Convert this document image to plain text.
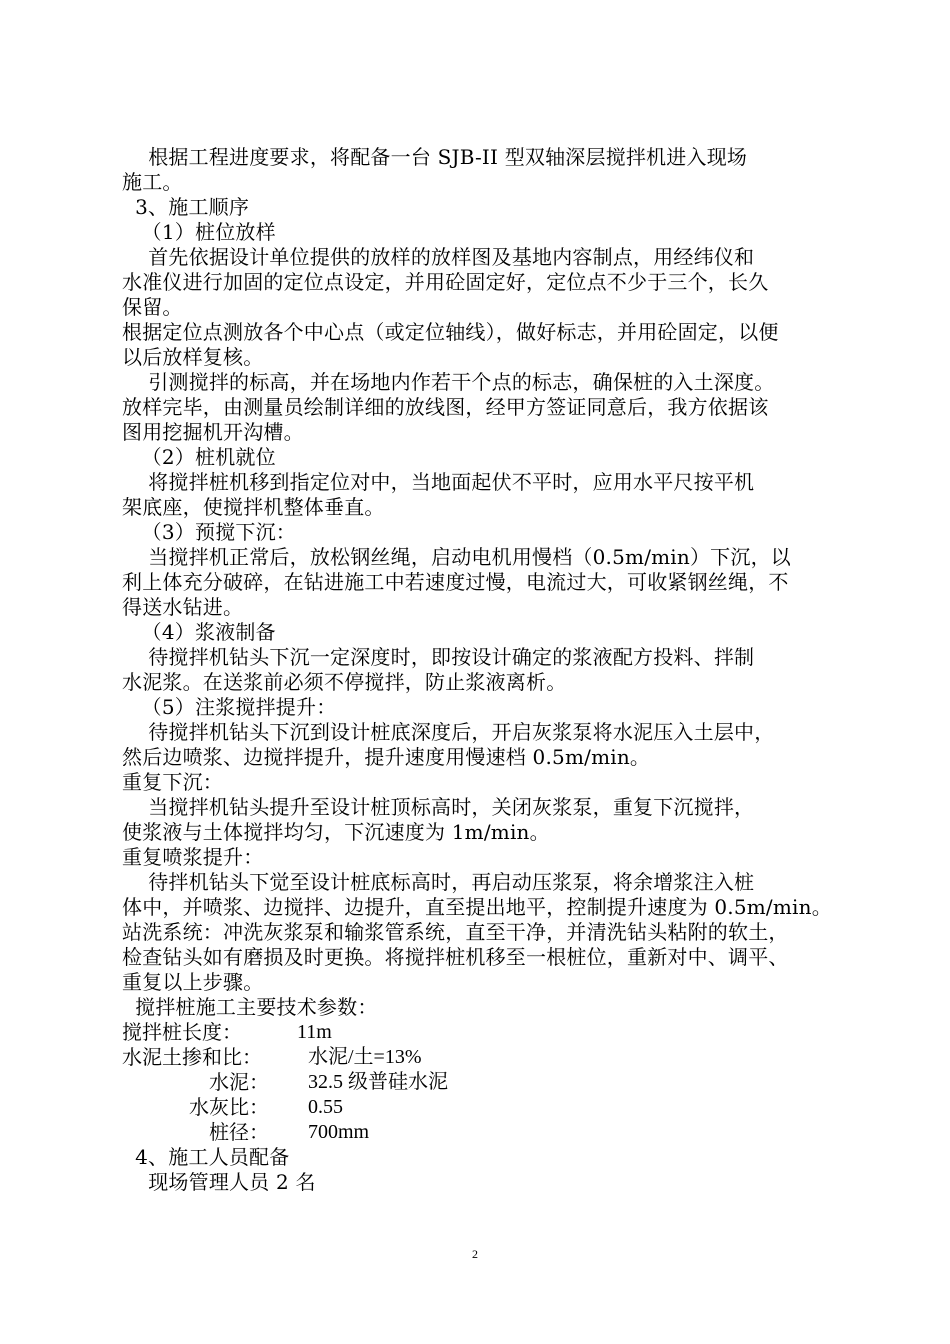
根据工程进度要求，将配备一台 SJB-II 型双轴深层搅拌机进入现场
施工。
3、施工顺序
（1）桩位放样
首先依据设计单位提供的放样的放样图及基地内容制点，用经纬仪和
水准仪进行加固的定位点设定，并用砼固定好，定位点不少于三个，长久
保留。
根据定位点测放各个中心点（或定位轴线），做好标志，并用砼固定，以便
以后放样复核。
引测搅拌的标高，并在场地内作若干个点的标志，确保桩的入土深度。
放样完毕，由测量员绘制详细的放线图，经甲方签证同意后，我方依据该
图用挖掘机开沟槽。
（2）桩机就位
将搅拌桩机移到指定位对中，当地面起伏不平时，应用水平尺按平机
架底座，使搅拌机整体垂直。
（3）预搅下沉：
当搅拌机正常后，放松钢丝绳，启动电机用慢档（0.5m/min）下沉，以
利上体充分破碎，在钻进施工中若速度过慢，电流过大，可收紧钢丝绳，不
得送水钻进。
（4）浆液制备
待搅拌机钻头下沉一定深度时，即按设计确定的浆液配方投料、拌制
水泥浆。在送浆前必须不停搅拌，防止浆液离析。
（5）注浆搅拌提升：
待搅拌机钻头下沉到设计桩底深度后，开启灰浆泵将水泥压入土层中，
然后边喷浆、边搅拌提升，提升速度用慢速档 0.5m/min。
重复下沉：
当搅拌机钻头提升至设计桩顶标高时，关闭灰浆泵，重复下沉搅拌，
使浆液与土体搅拌均匀，下沉速度为 1m/min。
重复喷浆提升：
待拌机钻头下觉至设计桩底标高时，再启动压浆泵，将余增浆注入桩
体中，并喷浆、边搅拌、边提升，直至提出地平，控制提升速度为 0.5m/min。
站洗系统：冲洗灰浆泵和输浆管系统，直至干净，并清洗钻头粘附的软土，
检查钻头如有磨损及时更换。将搅拌桩机移至一根桩位，重新对中、调平、
重复以上步骤。
搅拌桩施工主要技术参数：
搅拌桩长度：	11m
水泥土掺和比： 水泥/土=13%
水泥： 32.5 级普硅水泥
水灰比： 0.55
桩径： 700mm
4、施工人员配备
现场管理人员 2 名
2
